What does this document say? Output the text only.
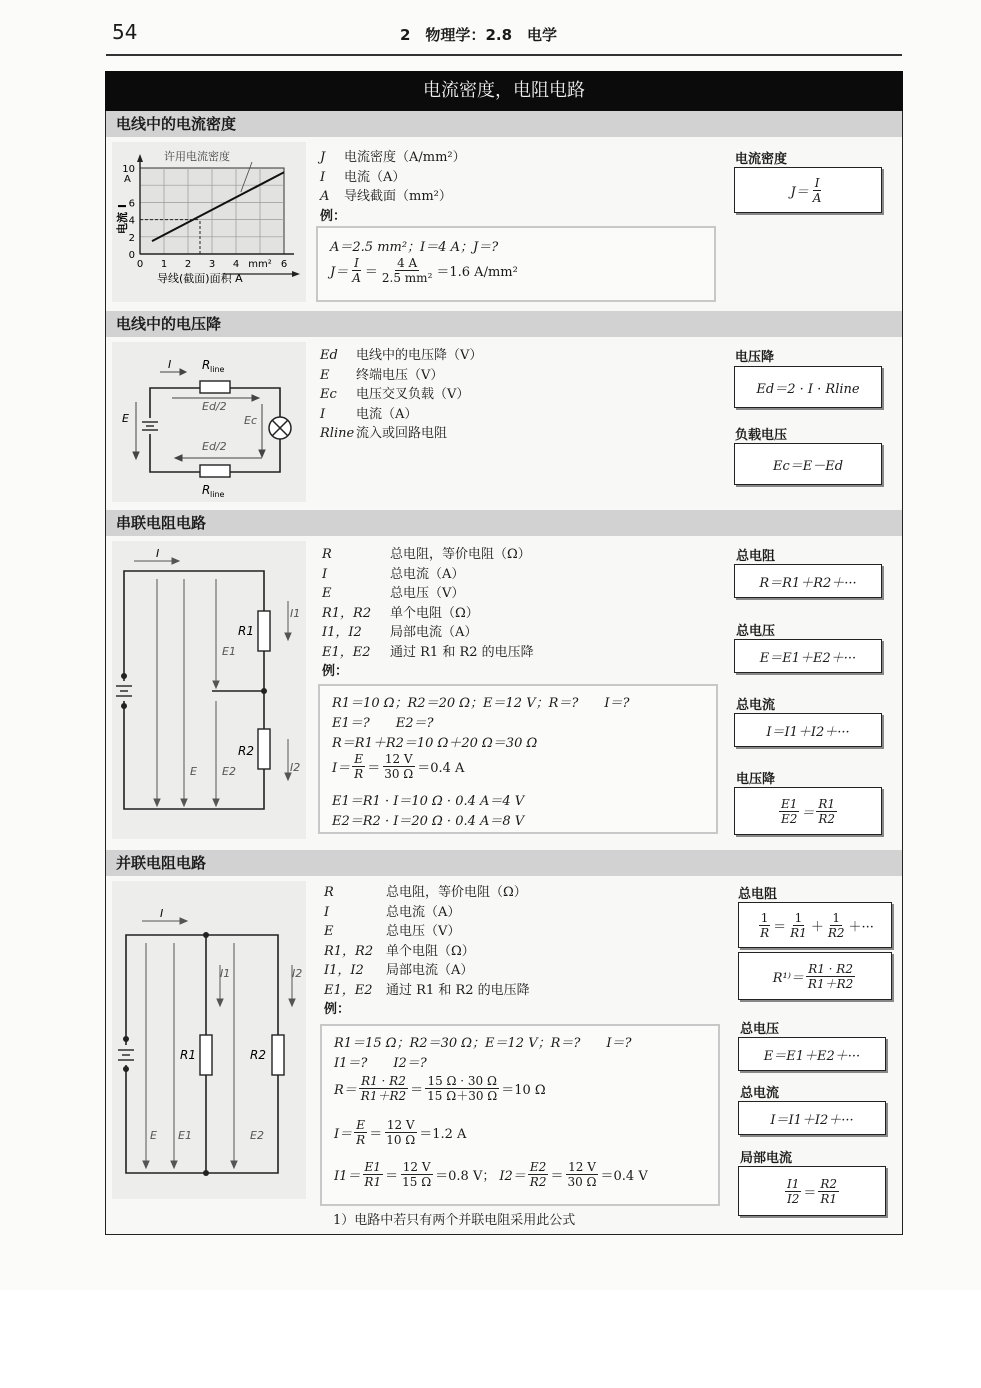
54	2　物理学：2.8　电学
电流密度，电阻电路
电线中的电流密度
许用电流密度
电流 I
A
导线(截面)面积 A
0 1 2 3 4 mm² 6
0
2
4
6
10
J	电流密度（A/mm²）
I	电流（A）
A	导线截面（mm²）
例：
A＝2.5 mm²；I＝4 A；J＝?
$J= \frac{I}{A} = \frac{4 A}{\text{2.5 mm²}} =1.6$ A/mm²
电流密度
$J= \frac{I}{A}$
电线中的电压降
I	R line
Ed/2
Ed/2
E	Ec
R line
Ed	电线中的电压降（V）
E	终端电压（V）
Ec	电压交叉负载（V）
I	电流（A）
Rline 流入或回路电阻
电压降
Ed＝2 · I · Rline
负载电压
Ec＝E－Ed
串联电阻电路
I
I1
R1
E1
R2
E E2	I2
R	总电阻，等价电阻（Ω）
I	总电流（A）
E	总电压（V）
R1，R2	单个电阻（Ω）
I1，I2	局部电流（A）
E1，E2	通过 R1 和 R2 的电压降
例：
R1＝10 Ω；R2＝20 Ω；E＝12 V；R＝?　　I＝?
E1＝?　　E2＝?
R＝R1＋R2＝10 Ω＋20 Ω＝30 Ω
$I= \frac{E}{R} = \frac{12 V}{30 \Omega} =0.4$ A
E1＝R1 · I＝10 Ω · 0.4 A＝4 V
E2＝R2 · I＝20 Ω · 0.4 A＝8 V
总电阻
R＝R1＋R2＋···
总电压
E＝E1＋E2＋···
总电流
I＝I1＋I2＋···
电压降
$\frac{E1}{E2} = \frac{R1}{R2}$
并联电阻电路
I
I1	I2
R1	R2
E E1	E2
R	总电阻，等价电阻（Ω）
I	总电流（A）
E	总电压（V）
R1，R2 单个电阻（Ω）
I1，I2	局部电流（A）
E1，E2	通过 R1 和 R2 的电压降
例：
R1＝15 Ω；R2＝30 Ω；E＝12 V；R＝?　　I＝?
I1＝?　　I2＝?
$R= \frac{R1 \cdot R2}{R1+R2} = \frac{15 \Omega \cdot 30 \Omega}{15 \Omega+30 \Omega} =10$ Ω
$I= \frac{E}{R} = \frac{12 V}{10 \Omega} =1.2$ A
$I1= \frac{E1}{R1} = \frac{12 V}{15 \Omega} =0.8$ V； $I2= \frac{E2}{R2} = \frac{12 V}{30 \Omega} =0.4$ V
1）电路中若只有两个并联电阻采用此公式
总电阻
$\frac{1}{R} = \frac{1}{R1} + \frac{1}{R2}$ ＋···
$R^{1)}= \frac{R1 \cdot R2}{R1+R2}$
总电压
E＝E1＋E2＋···
总电流
I＝I1＋I2＋···
局部电流
$\frac{I1}{I2} = \frac{R2}{R1}$
